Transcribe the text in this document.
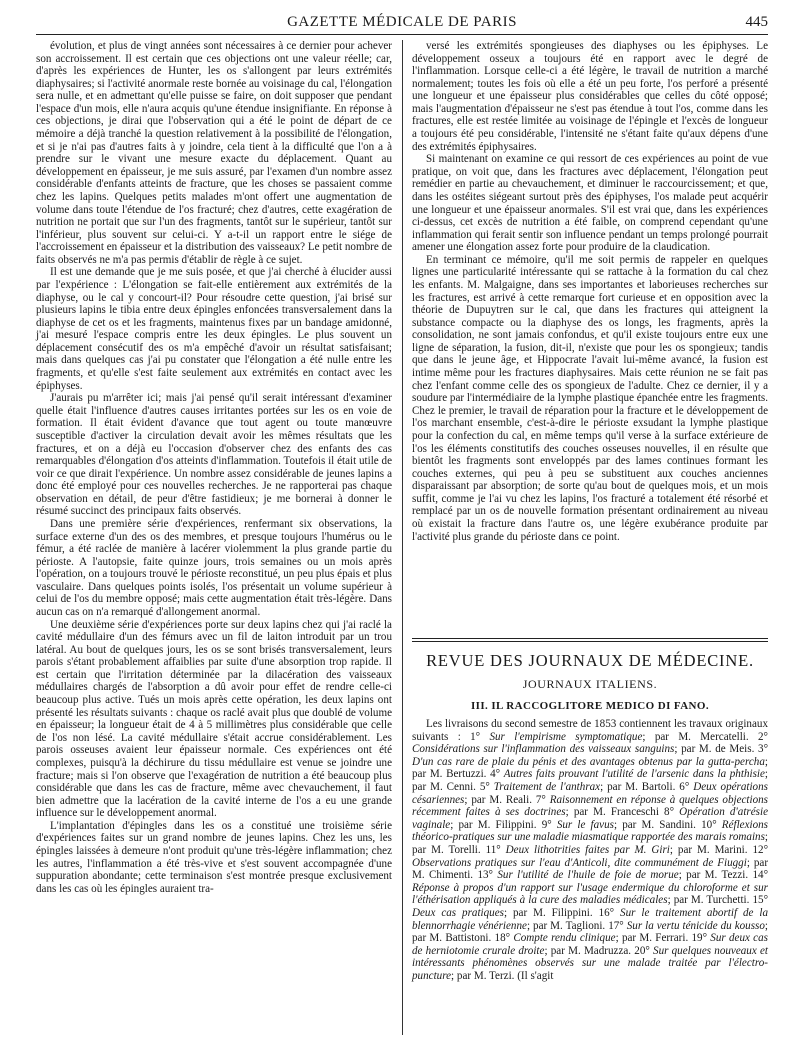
GAZETTE MÉDICALE DE PARIS	445

évolution, et plus de vingt années sont nécessaires à ce dernier pour achever son accroissement. Il est certain que ces objections ont une valeur réelle; car, d'après les expériences de Hunter, les os s'allongent par leurs extrémités diaphysaires; si l'activité anormale reste bornée au voisinage du cal, l'élongation sera nulle, et en admettant qu'elle puisse se faire, on doit supposer que pendant l'espace d'un mois, elle n'aura acquis qu'une étendue insignifiante. En réponse à ces objections, je dirai que l'observation qui a été le point de départ de ce mémoire a déjà tranché la question relativement à la possibilité de l'élongation, et si je n'ai pas d'autres faits à y joindre, cela tient à la difficulté que l'on a à prendre sur le vivant une mesure exacte du déplacement. Quant au développement en épaisseur, je me suis assuré, par l'examen d'un nombre assez considérable d'enfants atteints de fracture, que les choses se passaient comme chez les lapins. Quelques petits malades m'ont offert une augmentation de volume dans toute l'étendue de l'os fracturé; chez d'autres, cette exagération de nutrition ne portait que sur l'un des fragments, tantôt sur le supérieur, tantôt sur l'inférieur, plus souvent sur celui-ci. Y a-t-il un rapport entre le siége de l'accroissement en épaisseur et la distribution des vaisseaux? Le petit nombre de faits observés ne m'a pas permis d'établir de règle à ce sujet.

Il est une demande que je me suis posée, et que j'ai cherché à élucider aussi par l'expérience : L'élongation se fait-elle entièrement aux extrémités de la diaphyse, ou le cal y concourt-il? Pour résoudre cette question, j'ai brisé sur plusieurs lapins le tibia entre deux épingles enfoncées transversalement dans la diaphyse de cet os et les fragments, maintenus fixes par un bandage amidonné, j'ai mesuré l'espace compris entre les deux épingles. Le plus souvent un déplacement consécutif des os m'a empêché d'avoir un résultat satisfaisant; mais dans quelques cas j'ai pu constater que l'élongation a été nulle entre les fragments, et qu'elle s'est faite seulement aux extrémités en contact avec les épiphyses.

J'aurais pu m'arrêter ici; mais j'ai pensé qu'il serait intéressant d'examiner quelle était l'influence d'autres causes irritantes portées sur les os en voie de formation. Il était évident d'avance que tout agent ou toute manœuvre susceptible d'activer la circulation devait avoir les mêmes résultats que les fractures, et on a déjà eu l'occasion d'observer chez des enfants des cas remarquables d'élongation d'os atteints d'inflammation. Toutefois il était utile de voir ce que dirait l'expérience. Un nombre assez considérable de jeunes lapins a donc été employé pour ces nouvelles recherches. Je ne rapporterai pas chaque observation en détail, de peur d'être fastidieux; je me bornerai à donner le résumé succinct des principaux faits observés.

Dans une première série d'expériences, renfermant six observations, la surface externe d'un des os des membres, et presque toujours l'humérus ou le fémur, a été raclée de manière à lacérer violemment la plus grande partie du périoste. A l'autopsie, faite quinze jours, trois semaines ou un mois après l'opération, on a toujours trouvé le périoste reconstitué, un peu plus épais et plus vasculaire. Dans quelques points isolés, l'os présentait un volume supérieur à celui de l'os du membre opposé; mais cette augmentation était très-légère. Dans aucun cas on n'a remarqué d'allongement anormal.

Une deuxième série d'expériences porte sur deux lapins chez qui j'ai raclé la cavité médullaire d'un des fémurs avec un fil de laiton introduit par un trou latéral. Au bout de quelques jours, les os se sont brisés transversalement, leurs parois s'étant probablement affaiblies par suite d'une absorption trop rapide. Il est certain que l'irritation déterminée par la dilacération des vaisseaux médullaires chargés de l'absorption a dû avoir pour effet de rendre celle-ci beaucoup plus active. Tués un mois après cette opération, les deux lapins ont présenté les résultats suivants : chaque os raclé avait plus que doublé de volume en épaisseur; la longueur était de 4 à 5 millimètres plus considérable que celle de l'os non lésé. La cavité médullaire s'était accrue considérablement. Les parois osseuses avaient leur épaisseur normale. Ces expériences ont été complexes, puisqu'à la déchirure du tissu médullaire est venue se joindre une fracture; mais si l'on observe que l'exagération de nutrition a été beaucoup plus considérable que dans les cas de fracture, même avec chevauchement, il faut bien admettre que la lacération de la cavité interne de l'os a eu une grande influence sur le développement anormal.

L'implantation d'épingles dans les os a constitué une troisième série d'expériences faites sur un grand nombre de jeunes lapins. Chez les uns, les épingles laissées à demeure n'ont produit qu'une très-légère inflammation; chez les autres, l'inflammation a été très-vive et s'est souvent accompagnée d'une suppuration abondante; cette terminaison s'est montrée presque exclusivement dans les cas où les épingles auraient tra-

versé les extrémités spongieuses des diaphyses ou les épiphyses. Le développement osseux a toujours été en rapport avec le degré de l'inflammation. Lorsque celle-ci a été légère, le travail de nutrition a marché normalement; toutes les fois où elle a été un peu forte, l'os perforé a présenté une longueur et une épaisseur plus considérables que celles du côté opposé; mais l'augmentation d'épaisseur ne s'est pas étendue à tout l'os, comme dans les fractures, elle est restée limitée au voisinage de l'épingle et l'excès de longueur a toujours été peu considérable, l'intensité ne s'étant faite qu'aux dépens d'une des extrémités épiphysaires.

Si maintenant on examine ce qui ressort de ces expériences au point de vue pratique, on voit que, dans les fractures avec déplacement, l'élongation peut remédier en partie au chevauchement, et diminuer le raccourcissement; et que, dans les ostéites siégeant surtout près des épiphyses, l'os malade peut acquérir une longueur et une épaisseur anormales. S'il est vrai que, dans les expériences ci-dessus, cet excès de nutrition a été faible, on comprend cependant qu'une inflammation qui ferait sentir son influence pendant un temps prolongé pourrait amener une élongation assez forte pour produire de la claudication.

En terminant ce mémoire, qu'il me soit permis de rappeler en quelques lignes une particularité intéressante qui se rattache à la formation du cal chez les enfants. M. Malgaigne, dans ses importantes et laborieuses recherches sur les fractures, est arrivé à cette remarque fort curieuse et en opposition avec la théorie de Dupuytren sur le cal, que dans les fractures qui atteignent la substance compacte ou la diaphyse des os longs, les fragments, après la consolidation, ne sont jamais confondus, et qu'il existe toujours entre eux une ligne de séparation, la fusion, dit-il, n'existe que pour les os spongieux; tandis que dans le jeune âge, et Hippocrate l'avait lui-même avancé, la fusion est intime même pour les fractures diaphysaires. Mais cette réunion ne se fait pas chez l'enfant comme celle des os spongieux de l'adulte. Chez ce dernier, il y a soudure par l'intermédiaire de la lymphe plastique épanchée entre les fragments. Chez le premier, le travail de réparation pour la fracture et le développement de l'os marchant ensemble, c'est-à-dire le périoste exsudant la lymphe plastique pour la confection du cal, en même temps qu'il verse à la surface extérieure de l'os les éléments constitutifs des couches osseuses nouvelles, il en résulte que bientôt les fragments sont enveloppés par des lames continues formant les couches externes, qui peu à peu se substituent aux couches anciennes disparaissant par absorption; de sorte qu'au bout de quelques mois, et un mois suffit, comme je l'ai vu chez les lapins, l'os fracturé a totalement été résorbé et remplacé par un os de nouvelle formation présentant ordinairement au niveau où existait la fracture dans l'autre os, une légère exubérance produite par l'activité plus grande du périoste dans ce point.

REVUE DES JOURNAUX DE MÉDECINE.
JOURNAUX ITALIENS.
III. IL RACCOGLITORE MEDICO DI FANO.

Les livraisons du second semestre de 1853 contiennent les travaux originaux suivants : 1° Sur l'empirisme symptomatique; par M. Mercatelli. 2° Considérations sur l'inflammation des vaisseaux sanguins; par M. de Meis. 3° D'un cas rare de plaie du pénis et des avantages obtenus par la gutta-percha; par M. Bertuzzi. 4° Autres faits prouvant l'utilité de l'arsenic dans la phthisie; par M. Cenni. 5° Traitement de l'anthrax; par M. Bartoli. 6° Deux opérations césariennes; par M. Reali. 7° Raisonnement en réponse à quelques objections récemment faites à ses doctrines; par M. Franceschi 8° Opération d'atrésie vaginale; par M. Filippini. 9° Sur le favus; par M. Sandini. 10° Réflexions théorico-pratiques sur une maladie miasmatique rapportée des marais romains; par M. Torelli. 11° Deux lithotrities faites par M. Giri; par M. Marini. 12° Observations pratiques sur l'eau d'Anticoli, dite communément de Fiuggi; par M. Chimenti. 13° Sur l'utilité de l'huile de foie de morue; par M. Tezzi. 14° Réponse à propos d'un rapport sur l'usage endermique du chloroforme et sur l'éthérisation appliqués à la cure des maladies médicales; par M. Turchetti. 15° Deux cas pratiques; par M. Filippini. 16° Sur le traitement abortif de la blennorrhagie vénérienne; par M. Taglioni. 17° Sur la vertu ténicide du kousso; par M. Battistoni. 18° Compte rendu clinique; par M. Ferrari. 19° Sur deux cas de herniotomie crurale droite; par M. Madruzza. 20° Sur quelques nouveaux et intéressants phénomènes observés sur une malade traitée par l'électro-puncture; par M. Terzi. (Il s'agit
